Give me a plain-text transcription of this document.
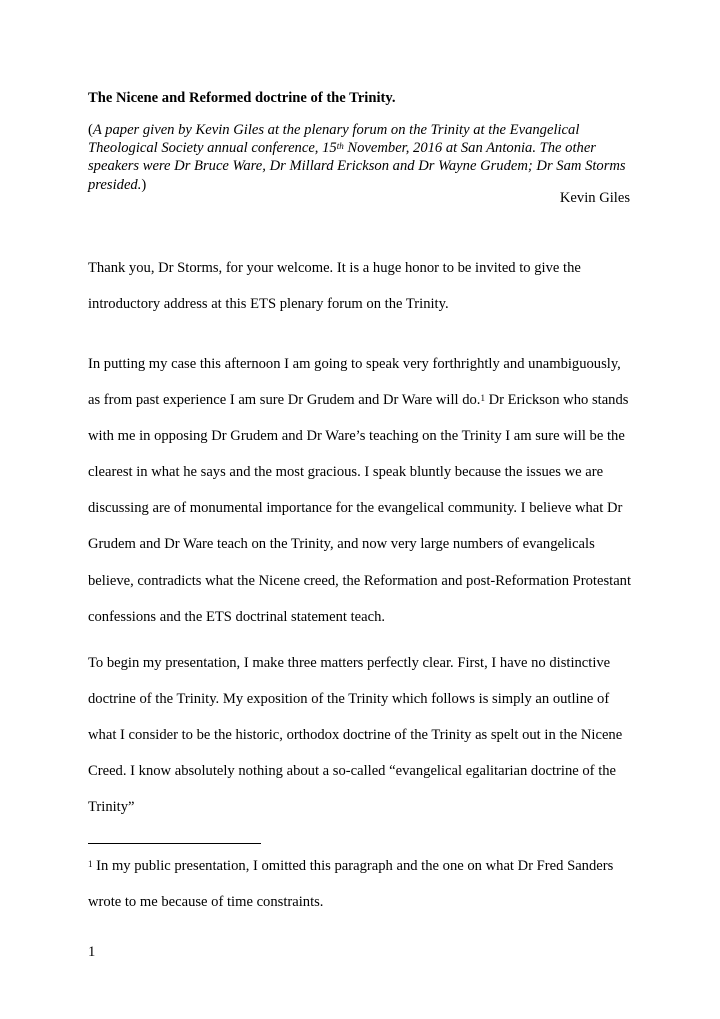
The Nicene and Reformed doctrine of the Trinity.
(A paper given by Kevin Giles at the plenary forum on the Trinity at the Evangelical
Theological Society annual conference, 15th November, 2016 at San Antonia. The other
speakers were Dr Bruce Ware, Dr Millard Erickson and Dr Wayne Grudem; Dr Sam Storms
presided.)
Kevin Giles
Thank you, Dr Storms, for your welcome. It is a huge honor to be invited to give the
introductory address at this ETS plenary forum on the Trinity.
In putting my case this afternoon I am going to speak very forthrightly and unambiguously,
as from past experience I am sure Dr Grudem and Dr Ware will do.$^1$ Dr Erickson who stands
with me in opposing Dr Grudem and Dr Ware’s teaching on the Trinity I am sure will be the
clearest in what he says and the most gracious. I speak bluntly because the issues we are
discussing are of monumental importance for the evangelical community. I believe what Dr
Grudem and Dr Ware teach on the Trinity, and now very large numbers of evangelicals
believe, contradicts what the Nicene creed, the Reformation and post-Reformation Protestant
confessions and the ETS doctrinal statement teach.
To begin my presentation, I make three matters perfectly clear. First, I have no distinctive
doctrine of the Trinity. My exposition of the Trinity which follows is simply an outline of
what I consider to be the historic, orthodox doctrine of the Trinity as spelt out in the Nicene
Creed. I know absolutely nothing about a so-called “evangelical egalitarian doctrine of the
Trinity”
$^1$ In my public presentation, I omitted this paragraph and the one on what Dr Fred Sanders
wrote to me because of time constraints.
1
